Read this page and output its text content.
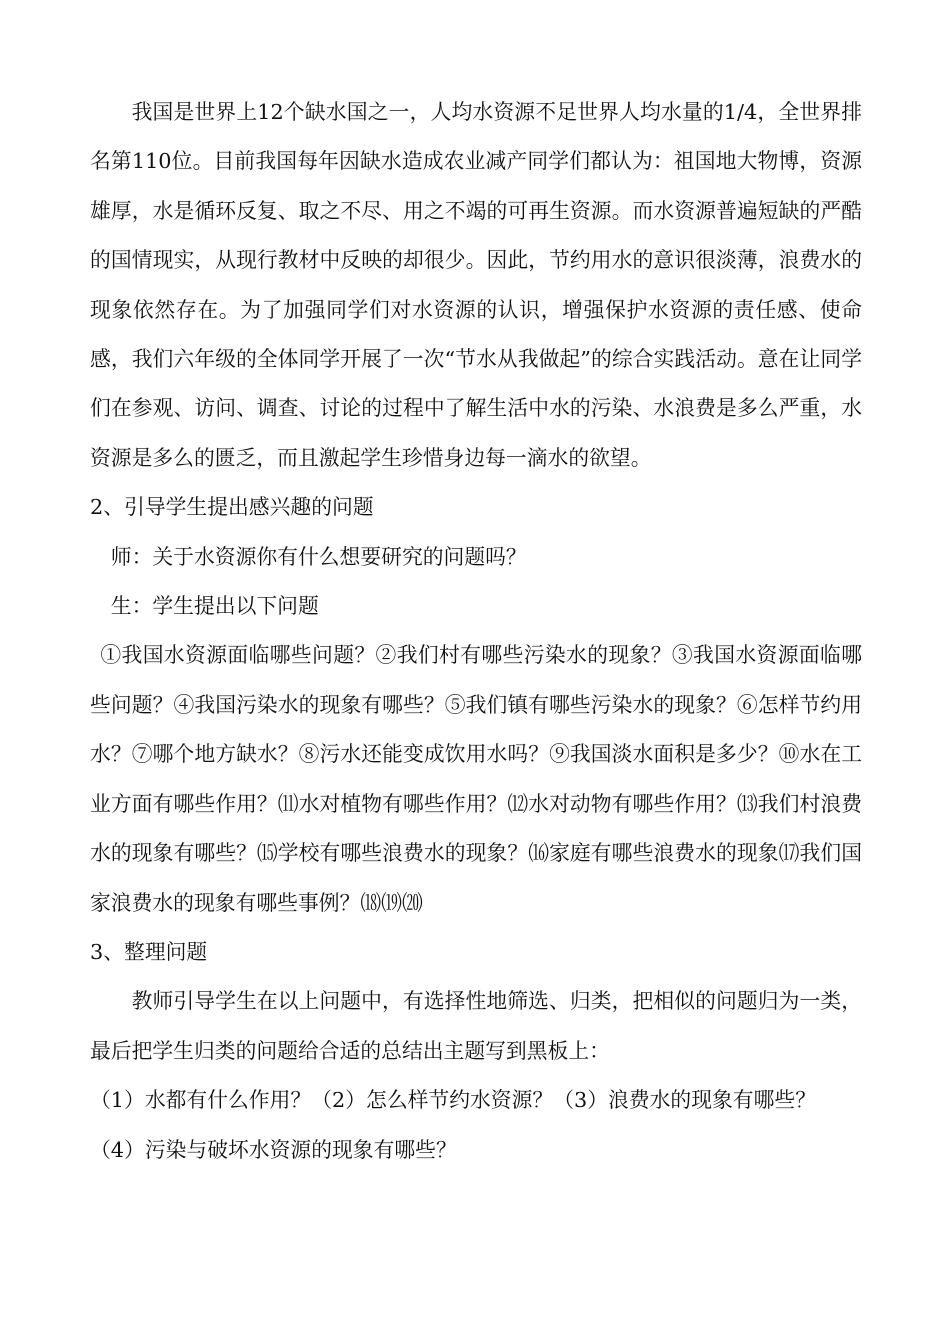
我国是世界上12个缺水国之一，人均水资源不足世界人均水量的1/4，全世界排名第110位。目前我国每年因缺水造成农业减产同学们都认为：祖国地大物博，资源雄厚，水是循环反复、取之不尽、用之不竭的可再生资源。而水资源普遍短缺的严酷的国情现实，从现行教材中反映的却很少。因此，节约用水的意识很淡薄，浪费水的现象依然存在。为了加强同学们对水资源的认识，增强保护水资源的责任感、使命感，我们六年级的全体同学开展了一次“节水从我做起”的综合实践活动。意在让同学们在参观、访问、调查、讨论的过程中了解生活中水的污染、水浪费是多么严重，水资源是多么的匮乏，而且激起学生珍惜身边每一滴水的欲望。

2、引导学生提出感兴趣的问题

师：关于水资源你有什么想要研究的问题吗？

生：学生提出以下问题

①我国水资源面临哪些问题？②我们村有哪些污染水的现象？③我国水资源面临哪些问题？④我国污染水的现象有哪些？⑤我们镇有哪些污染水的现象？⑥怎样节约用水？⑦哪个地方缺水？⑧污水还能变成饮用水吗？⑨我国淡水面积是多少？⑩水在工业方面有哪些作用？⑾水对植物有哪些作用？⑿水对动物有哪些作用？⒀我们村浪费水的现象有哪些？⒂学校有哪些浪费水的现象？⒃家庭有哪些浪费水的现象⒄我们国家浪费水的现象有哪些事例？⒅⒆⒇

3、整理问题

教师引导学生在以上问题中，有选择性地筛选、归类，把相似的问题归为一类，最后把学生归类的问题给合适的总结出主题写到黑板上：

（1）水都有什么作用？（2）怎么样节约水资源？（3）浪费水的现象有哪些？

（4）污染与破坏水资源的现象有哪些？
